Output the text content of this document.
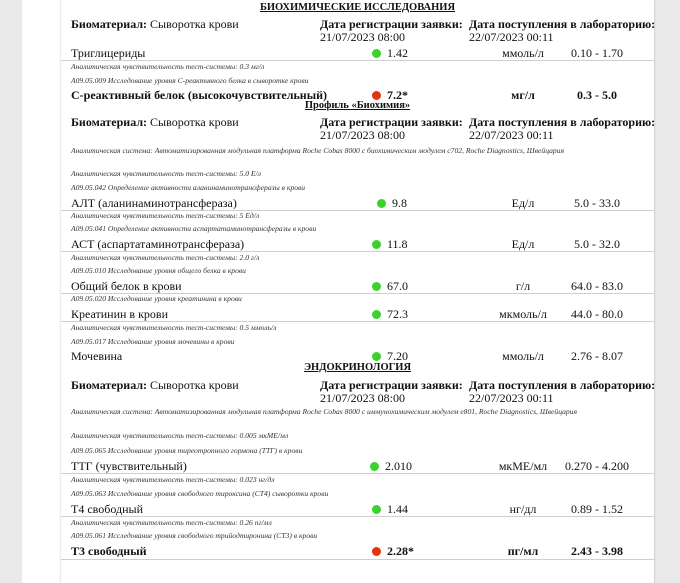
БИОХИМИЧЕСКИЕ ИССЛЕДОВАНИЯ
Биоматериал: Сыворотка крови	Дата регистрации заявки:
21/07/2023 08:00
Дата поступления в лабораторию:
22/07/2023 00:11
Триглицериды	1.42	ммоль/л	0.10 - 1.70
Аналитическая чувствительность тест-системы: 0.3 мг/л
A09.05.009 Исследование уровня С-реактивного белка в сыворотке крови
С-реактивный белок (высокочувствительный)	7.2*	мг/л	0.3 - 5.0
Профиль «Биохимия»
Биоматериал: Сыворотка крови	Дата регистрации заявки:
21/07/2023 08:00
Дата поступления в лабораторию:
22/07/2023 00:11
Аналитическая система: Автоматизированная модульная платформа Roche Cobas 8000 с биохимическим модулем с702, Roche Diagnostics, Швейцария
Аналитическая чувствительность тест-системы: 5.0 Е/л
A09.05.042 Определение активности аланинаминотрансферазы в крови
АЛТ (аланинаминотрансфераза)	9.8	Ед/л	5.0 - 33.0
Аналитическая чувствительность тест-системы: 5 Ед/л
A09.05.041 Определение активности аспартатаминотрансферазы в крови
АСТ (аспартатаминотрансфераза)	11.8	Ед/л	5.0 - 32.0
Аналитическая чувствительность тест-системы: 2.0 г/л
A09.05.010 Исследование уровня общего белка в крови
Общий белок в крови	67.0	г/л	64.0 - 83.0
A09.05.020 Исследование уровня креатинина в крови
Креатинин в крови	72.3	мкмоль/л	44.0 - 80.0
Аналитическая чувствительность тест-системы: 0.5 ммоль/л
A09.05.017 Исследование уровня мочевины в крови
Мочевина	7.20	ммоль/л	2.76 - 8.07
ЭНДОКРИНОЛОГИЯ
Биоматериал: Сыворотка крови	Дата регистрации заявки:
21/07/2023 08:00
Дата поступления в лабораторию:
22/07/2023 00:11
Аналитическая система: Автоматизированная модульная платформа Roche Cobas 8000 с иммунохимическим модулем e801, Roche Diagnostics, Швейцария
Аналитическая чувствительность тест-системы: 0.005 мкМЕ/мл
A09.05.065 Исследование уровня тиреотропного гормона (ТТГ) в крови
ТТГ (чувствительный)	2.010	мкМЕ/мл	0.270 - 4.200
Аналитическая чувствительность тест-системы: 0.023 нг/дл
A09.05.063 Исследование уровня свободного тироксина (СТ4) сыворотки крови
Т4 свободный	1.44	нг/дл	0.89 - 1.52
Аналитическая чувствительность тест-системы: 0.26 пг/мл
A09.05.061 Исследование уровня свободного трийодтиронина (СТ3) в крови
Т3 свободный	2.28*	пг/мл	2.43 - 3.98
